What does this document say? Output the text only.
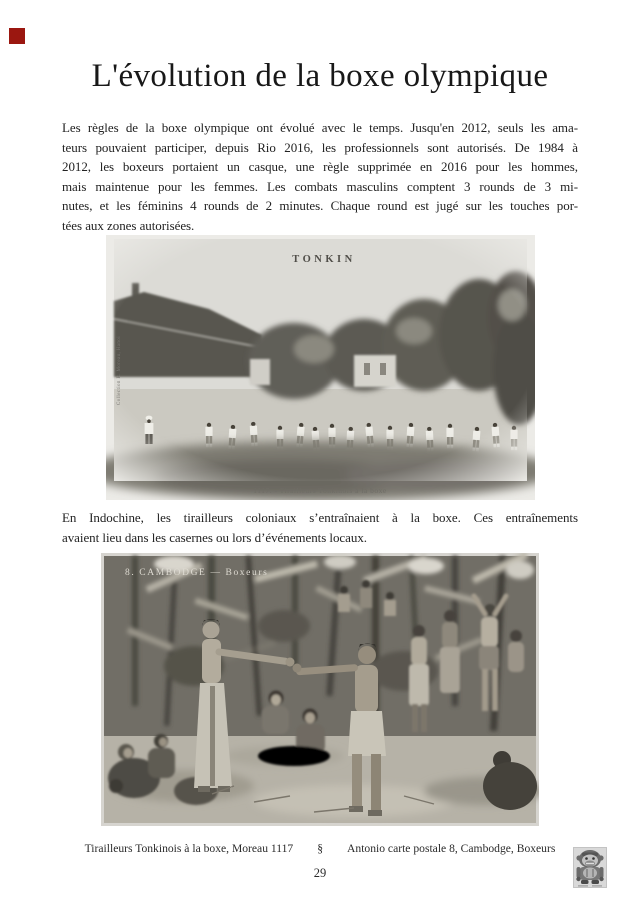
L'évolution de la boxe olympique
Les règles de la boxe olympique ont évolué avec le temps. Jusqu'en 2012, seuls les ama-
teurs pouvaient participer, depuis Rio 2016, les professionnels sont autorisés. De 1984 à
2012, les boxeurs portaient un casque, une règle supprimée en 2016 pour les hommes,
mais maintenue pour les femmes. Les combats masculins comptent 3 rounds de 3 mi-
nutes, et les féminins 4 rounds de 2 minutes. Chaque round est jugé sur les touches por-
tées aux zones autorisées.
TONKIN
Collection R. Moreau, Hanoi
1117. - Tirailleurs Tonkinois à la boxe
En Indochine, les tirailleurs coloniaux s’entraînaient à la boxe. Ces entraînements
avaient lieu dans les casernes ou lors d’événements locaux.
8. CAMBODGE — Boxeurs
Tirailleurs Tonkinois à la boxe, Moreau 1117 § Antonio carte postale 8, Cambodge, Boxeurs
29
